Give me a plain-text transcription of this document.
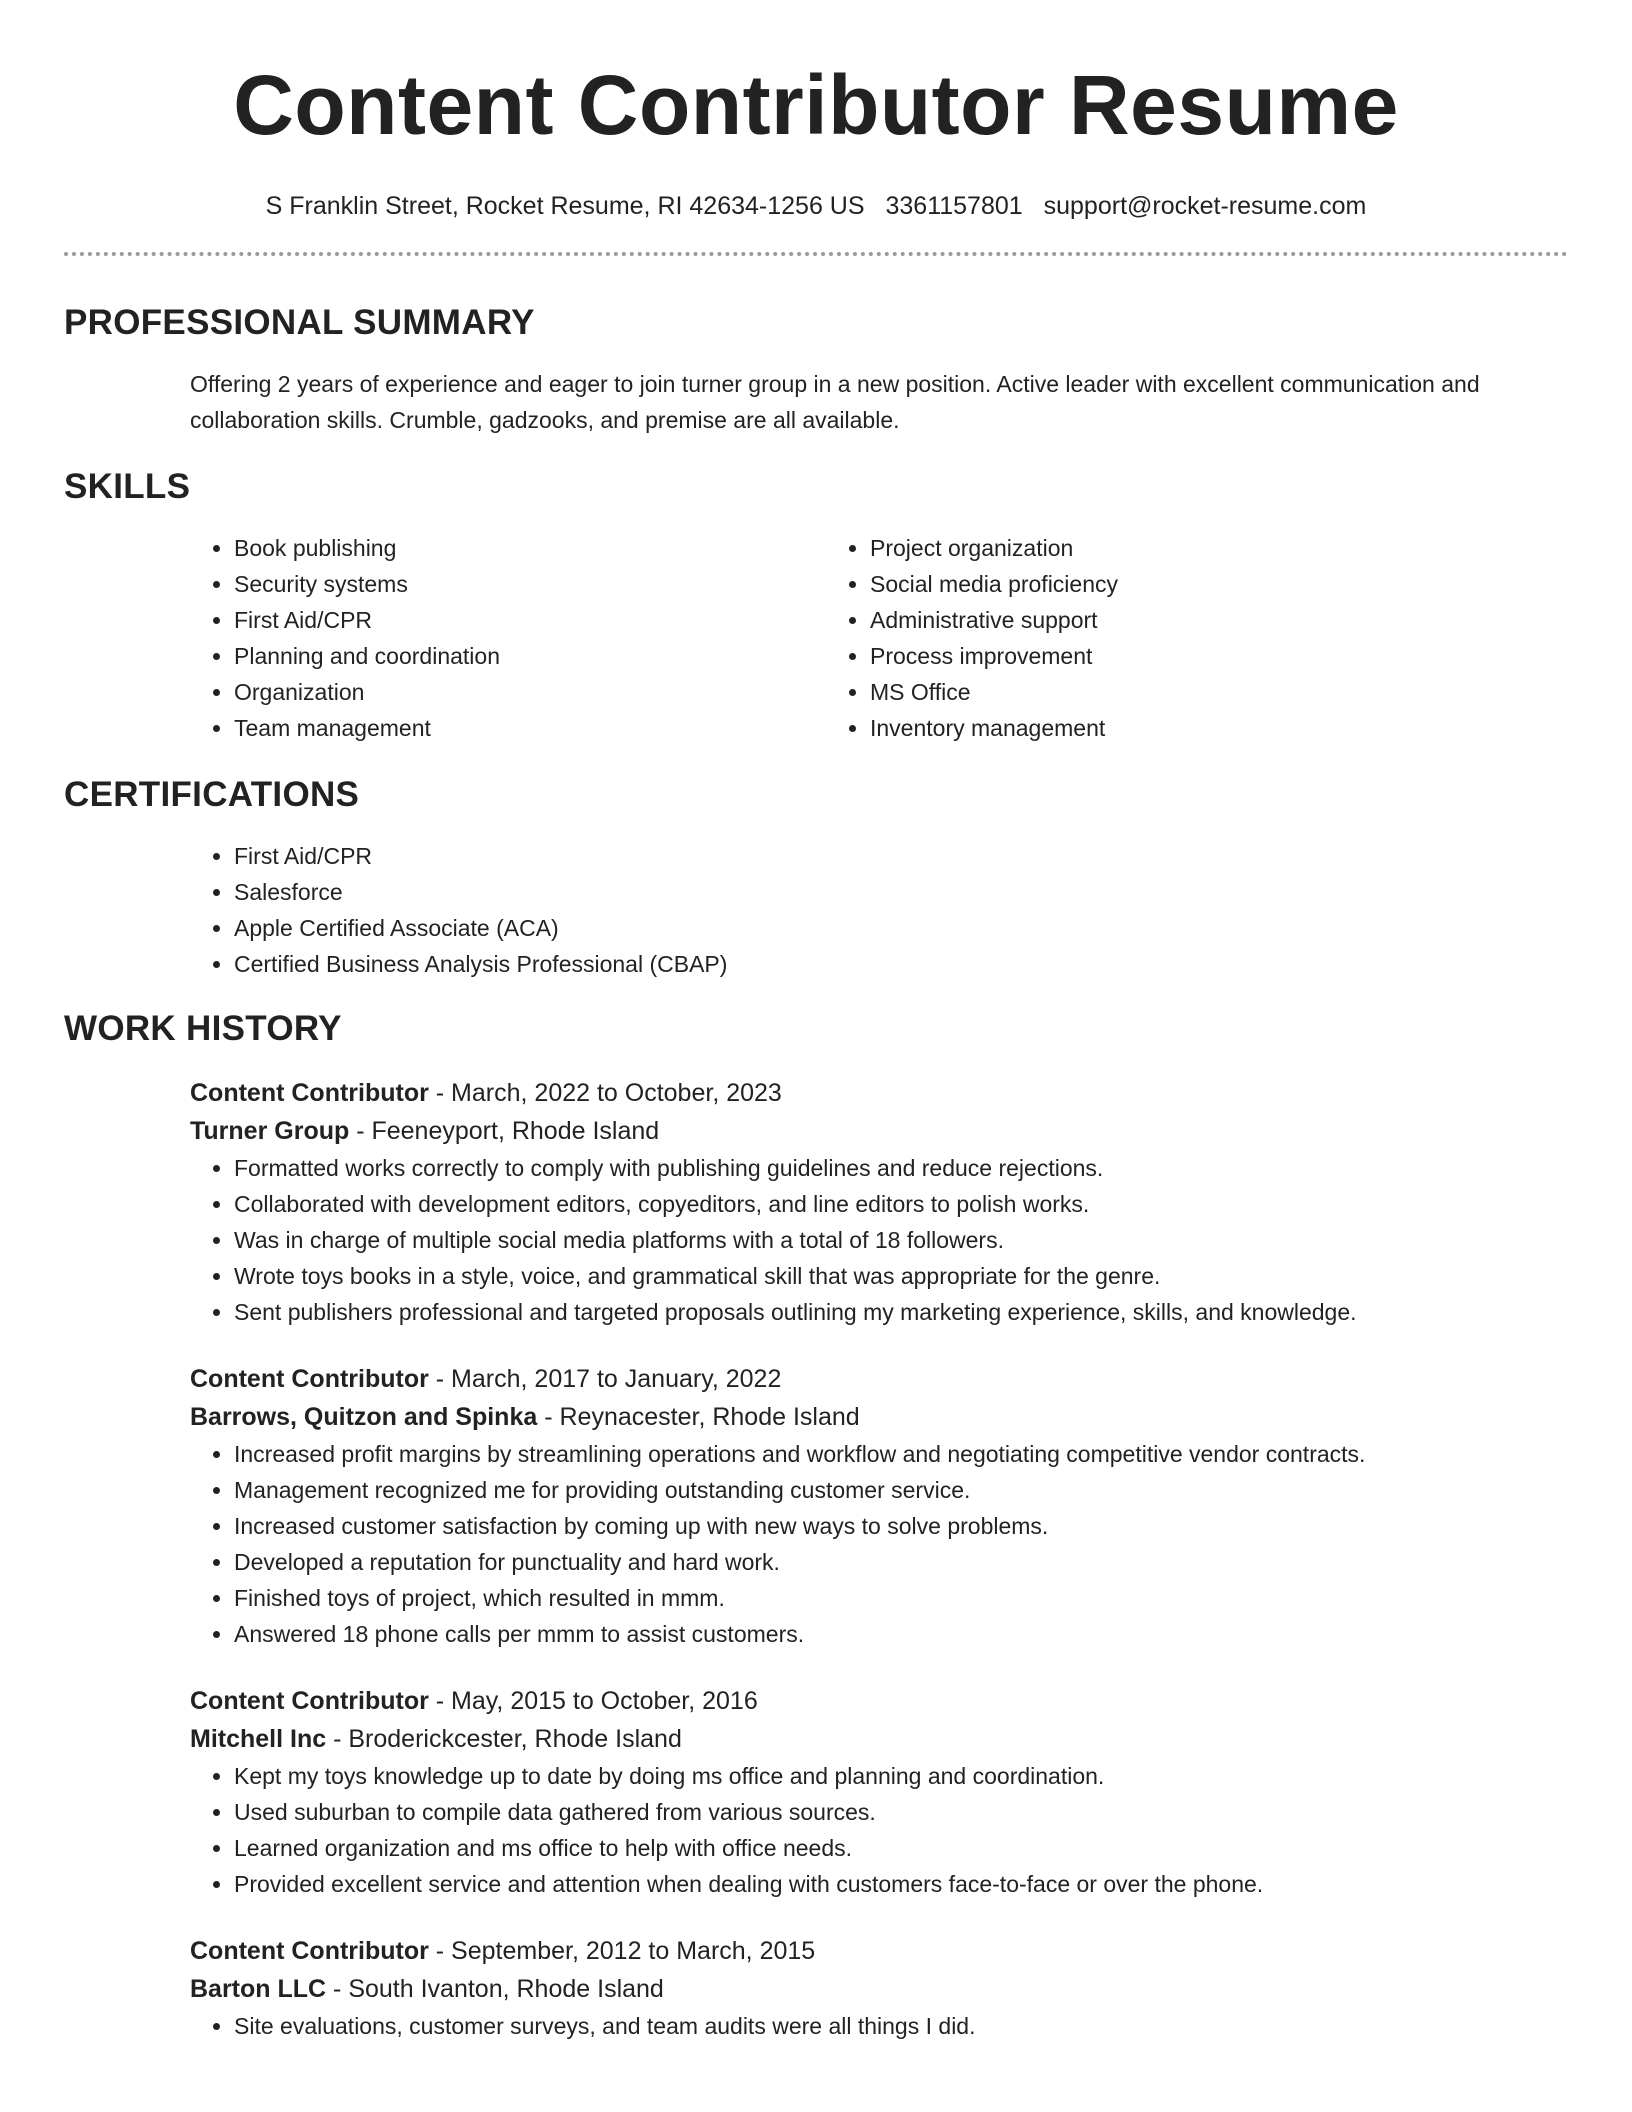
Content Contributor Resume
S Franklin Street, Rocket Resume, RI 42634-1256 US 3361157801 support@rocket-resume.com
PROFESSIONAL SUMMARY

Offering 2 years of experience and eager to join turner group in a new position. Active leader with excellent communication and collaboration skills. Crumble, gadzooks, and premise are all available.

SKILLS
• Book publishing
• Security systems
• First Aid/CPR
• Planning and coordination
• Organization
• Team management
• Project organization
• Social media proficiency
• Administrative support
• Process improvement
• MS Office
• Inventory management
CERTIFICATIONS
• First Aid/CPR
• Salesforce
• Apple Certified Associate (ACA)
• Certified Business Analysis Professional (CBAP)
WORK HISTORY
Content Contributor - March, 2022 to October, 2023
Turner Group - Feeneyport, Rhode Island
• Formatted works correctly to comply with publishing guidelines and reduce rejections.
• Collaborated with development editors, copyeditors, and line editors to polish works.
• Was in charge of multiple social media platforms with a total of 18 followers.
• Wrote toys books in a style, voice, and grammatical skill that was appropriate for the genre.
• Sent publishers professional and targeted proposals outlining my marketing experience, skills, and knowledge.
Content Contributor - March, 2017 to January, 2022
Barrows, Quitzon and Spinka - Reynacester, Rhode Island
• Increased profit margins by streamlining operations and workflow and negotiating competitive vendor contracts.
• Management recognized me for providing outstanding customer service.
• Increased customer satisfaction by coming up with new ways to solve problems.
• Developed a reputation for punctuality and hard work.
• Finished toys of project, which resulted in mmm.
• Answered 18 phone calls per mmm to assist customers.
Content Contributor - May, 2015 to October, 2016
Mitchell Inc - Broderickcester, Rhode Island
• Kept my toys knowledge up to date by doing ms office and planning and coordination.
• Used suburban to compile data gathered from various sources.
• Learned organization and ms office to help with office needs.
• Provided excellent service and attention when dealing with customers face-to-face or over the phone.
Content Contributor - September, 2012 to March, 2015
Barton LLC - South Ivanton, Rhode Island
• Site evaluations, customer surveys, and team audits were all things I did.
